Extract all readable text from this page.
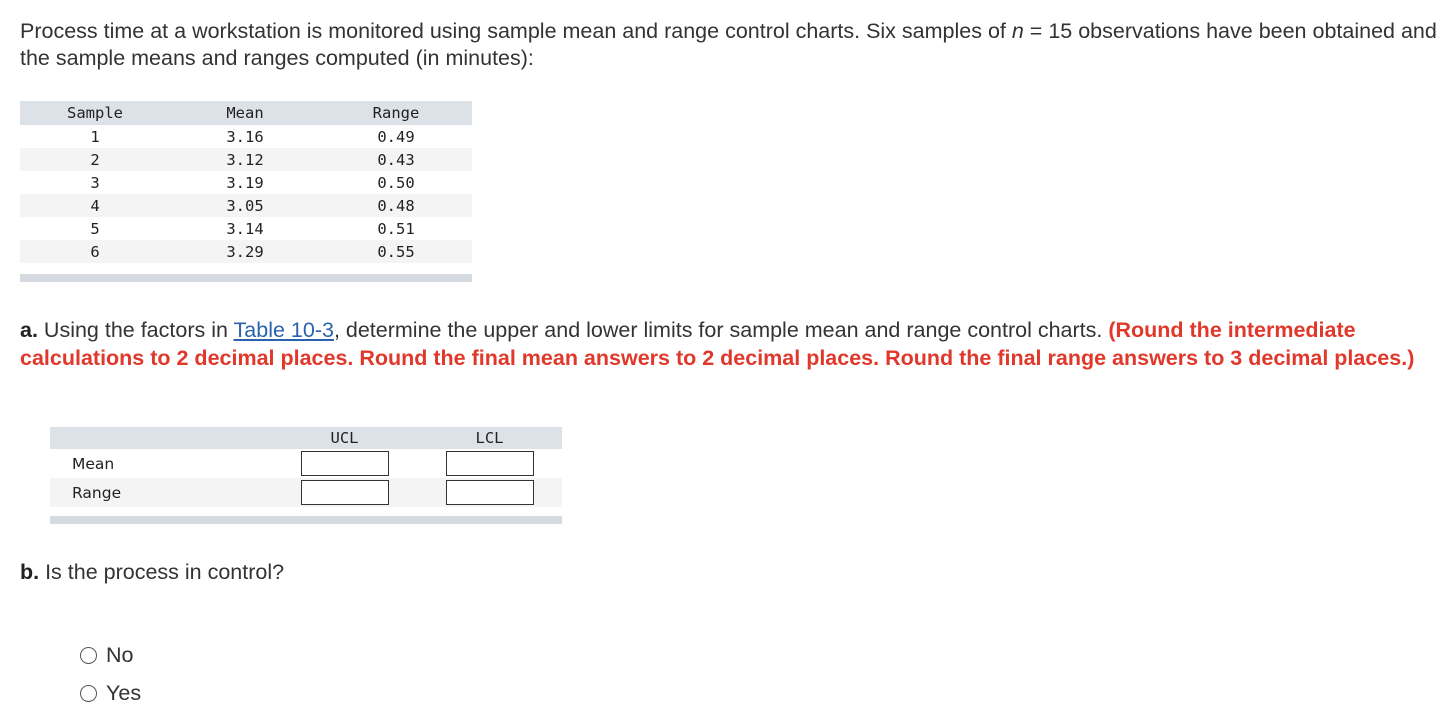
Process time at a workstation is monitored using sample mean and range control charts. Six samples of n = 15 observations have been obtained and the sample means and ranges computed (in minutes):
Sample	Mean	Range
1	3.16	0.49
2	3.12	0.43
3	3.19	0.50
4	3.05	0.48
5	3.14	0.51
6	3.29	0.55
a. Using the factors in Table 10-3, determine the upper and lower limits for sample mean and range control charts. (Round the intermediate calculations to 2 decimal places. Round the final mean answers to 2 decimal places. Round the final range answers to 3 decimal places.)
	UCL	LCL
Mean		
Range		
b. Is the process in control?
No
Yes
